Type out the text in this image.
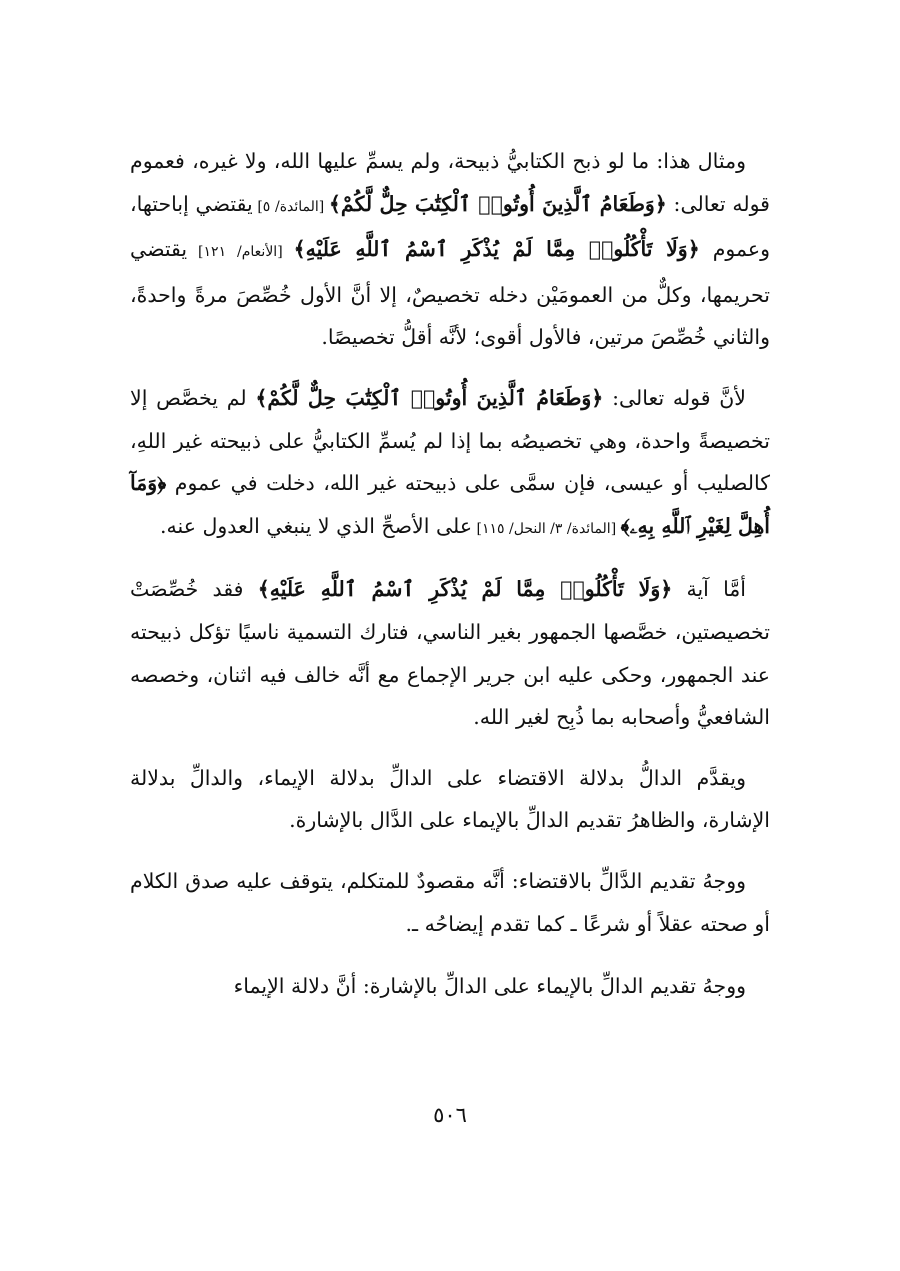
ومثال هذا: ما لو ذبح الكتابيُّ ذبيحة، ولم يسمِّ عليها الله، ولا غيره، فعموم قوله تعالى: ﴿وَطَعَامُ ٱلَّذِينَ أُوتُوا۟ ٱلْكِتَٰبَ حِلٌّ لَّكُمْ﴾ [المائدة/ ٥] يقتضي إباحتها، وعموم ﴿وَلَا تَأْكُلُوا۟ مِمَّا لَمْ يُذْكَرِ ٱسْمُ ٱللَّهِ عَلَيْهِ﴾ [الأنعام/ ١٢١] يقتضي تحريمها، وكلٌّ من العمومَيْن دخله تخصيصٌ، إلا أنَّ الأول خُصِّصَ مرةً واحدةً، والثاني خُصِّصَ مرتين، فالأول أقوى؛ لأنَّه أقلُّ تخصيصًا.

لأنَّ قوله تعالى: ﴿وَطَعَامُ ٱلَّذِينَ أُوتُوا۟ ٱلْكِتَٰبَ حِلٌّ لَّكُمْ﴾ لم يخصَّص إلا تخصيصةً واحدة، وهي تخصيصُه بما إذا لم يُسمِّ الكتابيُّ على ذبيحته غير اللهِ، كالصليب أو عيسى، فإن سمَّى على ذبيحته غير الله، دخلت في عموم ﴿وَمَآ أُهِلَّ لِغَيْرِ ٱللَّهِ بِهِۦ﴾ [المائدة/ ٣/ النحل/ ١١٥] على الأصحِّ الذي لا ينبغي العدول عنه.

أمَّا آية ﴿وَلَا تَأْكُلُوا۟ مِمَّا لَمْ يُذْكَرِ ٱسْمُ ٱللَّهِ عَلَيْهِ﴾ فقد خُصِّصَتْ تخصيصتين، خصَّصها الجمهور بغير الناسي، فتارك التسمية ناسيًا تؤكل ذبيحته عند الجمهور، وحكى عليه ابن جرير الإجماع مع أنَّه خالف فيه اثنان، وخصصه الشافعيُّ وأصحابه بما ذُبِح لغير الله.

ويقدَّم الدالُّ بدلالة الاقتضاء على الدالِّ بدلالة الإيماء، والدالِّ بدلالة الإشارة، والظاهرُ تقديم الدالِّ بالإيماء على الدَّال بالإشارة.

ووجهُ تقديم الدَّالِّ بالاقتضاء: أنَّه مقصودٌ للمتكلم، يتوقف عليه صدق الكلام أو صحته عقلاً أو شرعًا ـ كما تقدم إيضاحُه ـ.

ووجهُ تقديم الدالِّ بالإيماء على الدالِّ بالإشارة: أنَّ دلالة الإيماء

٥٠٦
